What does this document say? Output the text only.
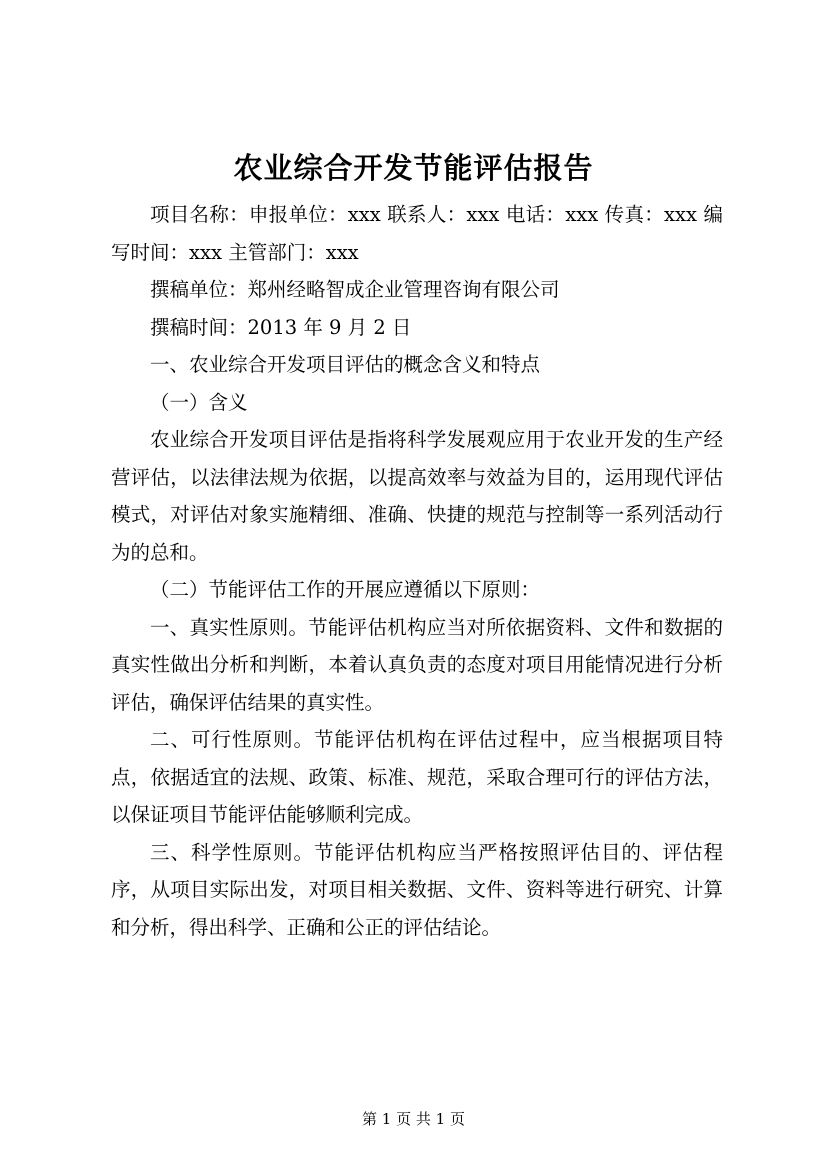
农业综合开发节能评估报告

项目名称：申报单位：xxx 联系人：xxx 电话：xxx 传真：xxx 编写时间：xxx 主管部门：xxx

撰稿单位：郑州经略智成企业管理咨询有限公司

撰稿时间：2013 年 9 月 2 日

一、农业综合开发项目评估的概念含义和特点

（一）含义

农业综合开发项目评估是指将科学发展观应用于农业开发的生产经营评估，以法律法规为依据，以提高效率与效益为目的，运用现代评估模式，对评估对象实施精细、准确、快捷的规范与控制等一系列活动行为的总和。

（二）节能评估工作的开展应遵循以下原则：

一、真实性原则。节能评估机构应当对所依据资料、文件和数据的真实性做出分析和判断，本着认真负责的态度对项目用能情况进行分析评估，确保评估结果的真实性。

二、可行性原则。节能评估机构在评估过程中，应当根据项目特点，依据适宜的法规、政策、标准、规范，采取合理可行的评估方法，以保证项目节能评估能够顺利完成。

三、科学性原则。节能评估机构应当严格按照评估目的、评估程序，从项目实际出发，对项目相关数据、文件、资料等进行研究、计算和分析，得出科学、正确和公正的评估结论。

第 1 页 共 1 页
